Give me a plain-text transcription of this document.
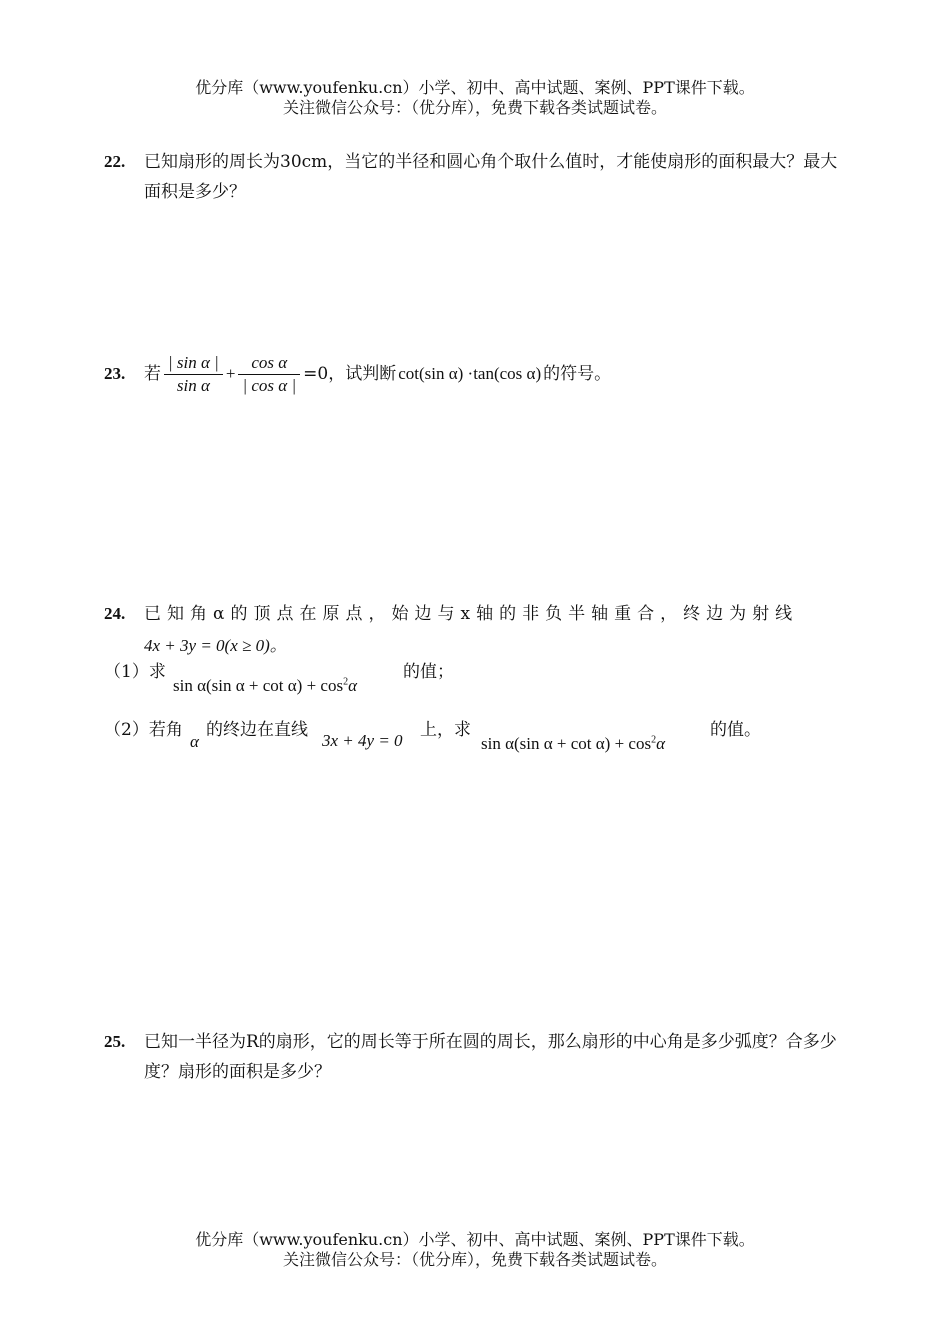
优分库（www.youfenku.cn）小学、初中、高中试题、案例、PPT课件下载。
关注微信公众号：（优分库），免费下载各类试题试卷。
22. 已知扇形的周长为30cm，当它的半径和圆心角个取什么值时，才能使扇形的面积最大？最大面积是多少？
23. 若 $\frac{\text{| sin α |}}{\text{sin α}} + \frac{\text{cos α}}{\text{| cos α |}} =0$，试判断 cot(sin α) ·tan(cos α) 的符号。
24. 已知角α的顶点在原点，始边与x轴的非负半轴重合，终边为射线
4x + 3y = 0(x ≥ 0)。
（1）求
sin α(sin $\alpha + \cot \alpha) + \cos^2\alpha$
的值；
（2）若角
α
的终边在直线
3x + 4y = 0
上，求
sin α(sin $\alpha + \cot \alpha) + \cos^2\alpha$
的值。
25. 已知一半径为R的扇形，它的周长等于所在圆的周长，那么扇形的中心角是多少弧度？合多少度？扇形的面积是多少？
优分库（www.youfenku.cn）小学、初中、高中试题、案例、PPT课件下载。
关注微信公众号：（优分库），免费下载各类试题试卷。
